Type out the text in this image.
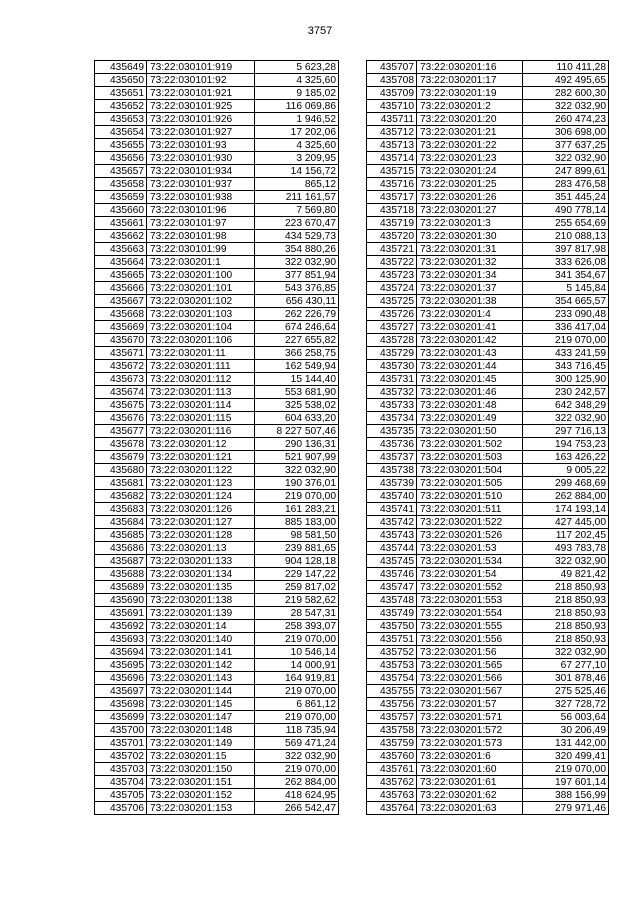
3757
435649	73:22:030101:919	5 623,28
435650	73:22:030101:92	4 325,60
435651	73:22:030101:921	9 185,02
435652	73:22:030101:925	116 069,86
435653	73:22:030101:926	1 946,52
435654	73:22:030101:927	17 202,06
435655	73:22:030101:93	4 325,60
435656	73:22:030101:930	3 209,95
435657	73:22:030101:934	14 156,72
435658	73:22:030101:937	865,12
435659	73:22:030101:938	211 161,57
435660	73:22:030101:96	7 569,80
435661	73:22:030101:97	223 670,47
435662	73:22:030101:98	434 529,73
435663	73:22:030101:99	354 880,26
435664	73:22:030201:1	322 032,90
435665	73:22:030201:100	377 851,94
435666	73:22:030201:101	543 376,85
435667	73:22:030201:102	656 430,11
435668	73:22:030201:103	262 226,79
435669	73:22:030201:104	674 246,64
435670	73:22:030201:106	227 655,82
435671	73:22:030201:11	366 258,75
435672	73:22:030201:111	162 549,94
435673	73:22:030201:112	15 144,40
435674	73:22:030201:113	553 681,90
435675	73:22:030201:114	325 538,02
435676	73:22:030201:115	604 633,20
435677	73:22:030201:116	8 227 507,46
435678	73:22:030201:12	290 136,31
435679	73:22:030201:121	521 907,99
435680	73:22:030201:122	322 032,90
435681	73:22:030201:123	190 376,01
435682	73:22:030201:124	219 070,00
435683	73:22:030201:126	161 283,21
435684	73:22:030201:127	885 183,00
435685	73:22:030201:128	98 581,50
435686	73:22:030201:13	239 881,65
435687	73:22:030201:133	904 128,18
435688	73:22:030201:134	229 147,22
435689	73:22:030201:135	259 817,02
435690	73:22:030201:138	219 582,62
435691	73:22:030201:139	28 547,31
435692	73:22:030201:14	258 393,07
435693	73:22:030201:140	219 070,00
435694	73:22:030201:141	10 546,14
435695	73:22:030201:142	14 000,91
435696	73:22:030201:143	164 919,81
435697	73:22:030201:144	219 070,00
435698	73:22:030201:145	6 861,12
435699	73:22:030201:147	219 070,00
435700	73:22:030201:148	118 735,94
435701	73:22:030201:149	569 471,24
435702	73:22:030201:15	322 032,90
435703	73:22:030201:150	219 070,00
435704	73:22:030201:151	262 884,00
435705	73:22:030201:152	418 624,95
435706	73:22:030201:153	266 542,47
435707	73:22:030201:16	110 411,28
435708	73:22:030201:17	492 495,65
435709	73:22:030201:19	282 600,30
435710	73:22:030201:2	322 032,90
435711	73:22:030201:20	260 474,23
435712	73:22:030201:21	306 698,00
435713	73:22:030201:22	377 637,25
435714	73:22:030201:23	322 032,90
435715	73:22:030201:24	247 899,61
435716	73:22:030201:25	283 476,58
435717	73:22:030201:26	351 445,24
435718	73:22:030201:27	490 778,14
435719	73:22:030201:3	255 654,69
435720	73:22:030201:30	210 088,13
435721	73:22:030201:31	397 817,98
435722	73:22:030201:32	333 626,08
435723	73:22:030201:34	341 354,67
435724	73:22:030201:37	5 145,84
435725	73:22:030201:38	354 665,57
435726	73:22:030201:4	233 090,48
435727	73:22:030201:41	336 417,04
435728	73:22:030201:42	219 070,00
435729	73:22:030201:43	433 241,59
435730	73:22:030201:44	343 716,45
435731	73:22:030201:45	300 125,90
435732	73:22:030201:46	230 242,57
435733	73:22:030201:48	642 348,29
435734	73:22:030201:49	322 032,90
435735	73:22:030201:50	297 716,13
435736	73:22:030201:502	194 753,23
435737	73:22:030201:503	163 426,22
435738	73:22:030201:504	9 005,22
435739	73:22:030201:505	299 468,69
435740	73:22:030201:510	262 884,00
435741	73:22:030201:511	174 193,14
435742	73:22:030201:522	427 445,00
435743	73:22:030201:526	117 202,45
435744	73:22:030201:53	493 783,78
435745	73:22:030201:534	322 032,90
435746	73:22:030201:54	49 821,42
435747	73:22:030201:552	218 850,93
435748	73:22:030201:553	218 850,93
435749	73:22:030201:554	218 850,93
435750	73:22:030201:555	218 850,93
435751	73:22:030201:556	218 850,93
435752	73:22:030201:56	322 032,90
435753	73:22:030201:565	67 277,10
435754	73:22:030201:566	301 878,46
435755	73:22:030201:567	275 525,46
435756	73:22:030201:57	327 728,72
435757	73:22:030201:571	56 003,64
435758	73:22:030201:572	30 206,49
435759	73:22:030201:573	131 442,00
435760	73:22:030201:6	320 499,41
435761	73:22:030201:60	219 070,00
435762	73:22:030201:61	197 601,14
435763	73:22:030201:62	388 156,99
435764	73:22:030201:63	279 971,46
